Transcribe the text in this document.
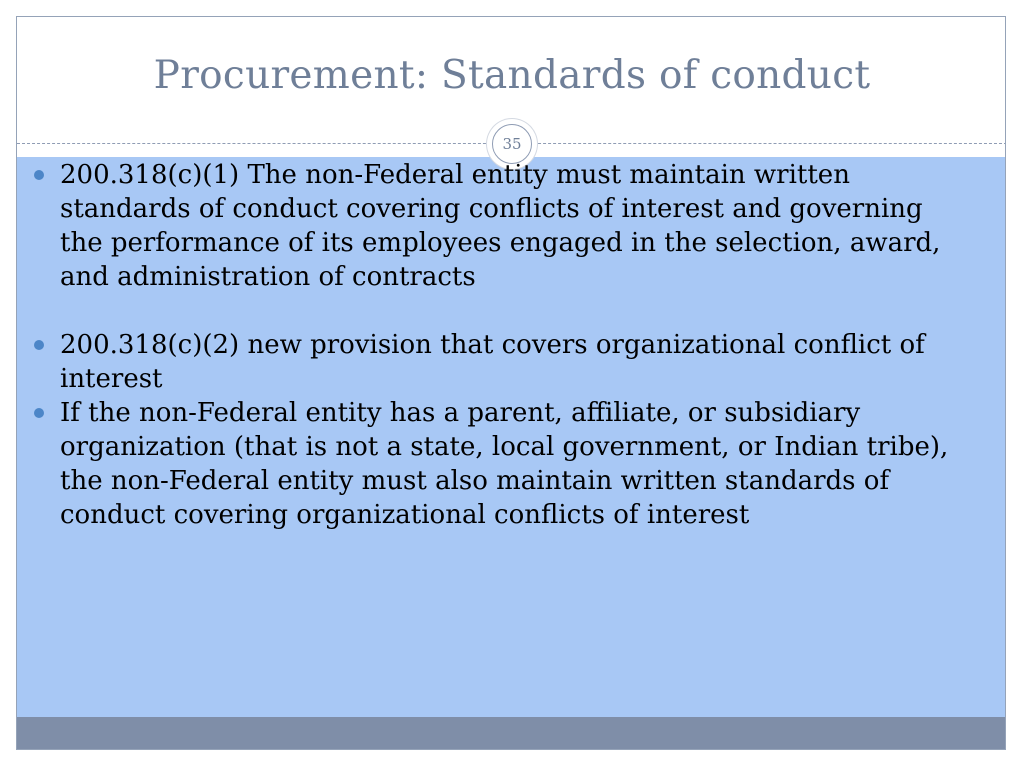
Procurement: Standards of conduct
35
200.318(c)(1) The non-Federal entity must maintain written standards of conduct covering conflicts of interest and governing the performance of its employees engaged in the selection, award, and administration of contracts
200.318(c)(2) new provision that covers organizational conflict of interest
If the non-Federal entity has a parent, affiliate, or subsidiary organization (that is not a state, local government, or Indian tribe), the non-Federal entity must also maintain written standards of conduct covering organizational conflicts of interest
